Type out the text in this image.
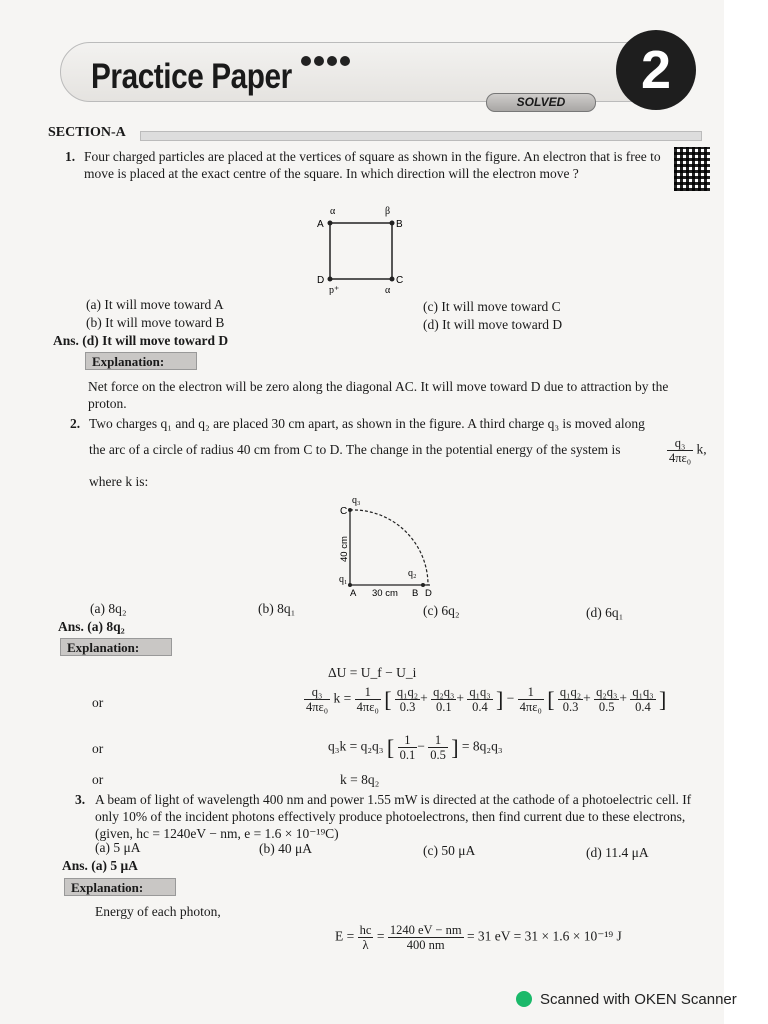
Practice Paper
SOLVED
2
SECTION-A
1. Four charged particles are placed at the vertices of square as shown in the figure. An electron that is free to move is placed at the exact centre of the square. In which direction will the electron move ?
α	β
A	B
D	C
p⁺	α
(a) It will move toward A
(b) It will move toward B
(c) It will move toward C
(d) It will move toward D
Ans. (d) It will move toward D
Explanation:
Net force on the electron will be zero along the diagonal AC. It will move toward D due to attraction by the proton.
2. Two charges q₁ and q₂ are placed 30 cm apart, as shown in the figure. A third charge q₃ is moved along
the arc of a circle of radius 40 cm from C to D. The change in the potential energy of the system is	$\frac{\text{q₃}}{\text{4πε₀}} k$,
where k is:
q₃
C
40 cm
q₁
q₂
A 30 cm B D
(a) 8q₂	(b) 8q₁	(c) 6q₂	(d) 6q₁
Ans. (a) 8q₂
Explanation:
ΔU = U_f − U_i
or	$\frac{\text{q₃}}{\text{4πε₀}}$ $k = \frac{1}{\text{4πε₀}}$ [ $\frac{\text{q₁q₂}}{0.3} + \frac{\text{q₂q₃}}{0.1} + \frac{\text{q₁q₃}}{0.4}$ ] − $\frac{1}{\text{4πε₀}}$ [ $\frac{\text{q₁q₂}}{0.3} + \frac{\text{q₂q₃}}{0.5} + \frac{\text{q₁q₃}}{0.4}$ ]
or	q₃k = q₂q₃ [ $\frac{1}{0.1} - \frac{1}{0.5}$ ] = 8q₂q₃
or	k = 8q₂
3. A beam of light of wavelength 400 nm and power 1.55 mW is directed at the cathode of a photoelectric cell. If only 10% of the incident photons effectively produce photoelectrons, then find current due to these electrons, (given, hc = 1240eV − nm, e = 1.6 × 10⁻¹⁹C)
(a) 5 μA	(b) 40 μA	(c) 50 μA	(d) 11.4 μA
Ans. (a) 5 μA
Explanation:
Energy of each photon,
$E = \frac{hc}{\lambda} = \frac{1240 eV - nm}{400 nm} = 31$ eV = 31 × 1.6 × 10⁻¹⁹ J
Scanned with OKEN Scanner
